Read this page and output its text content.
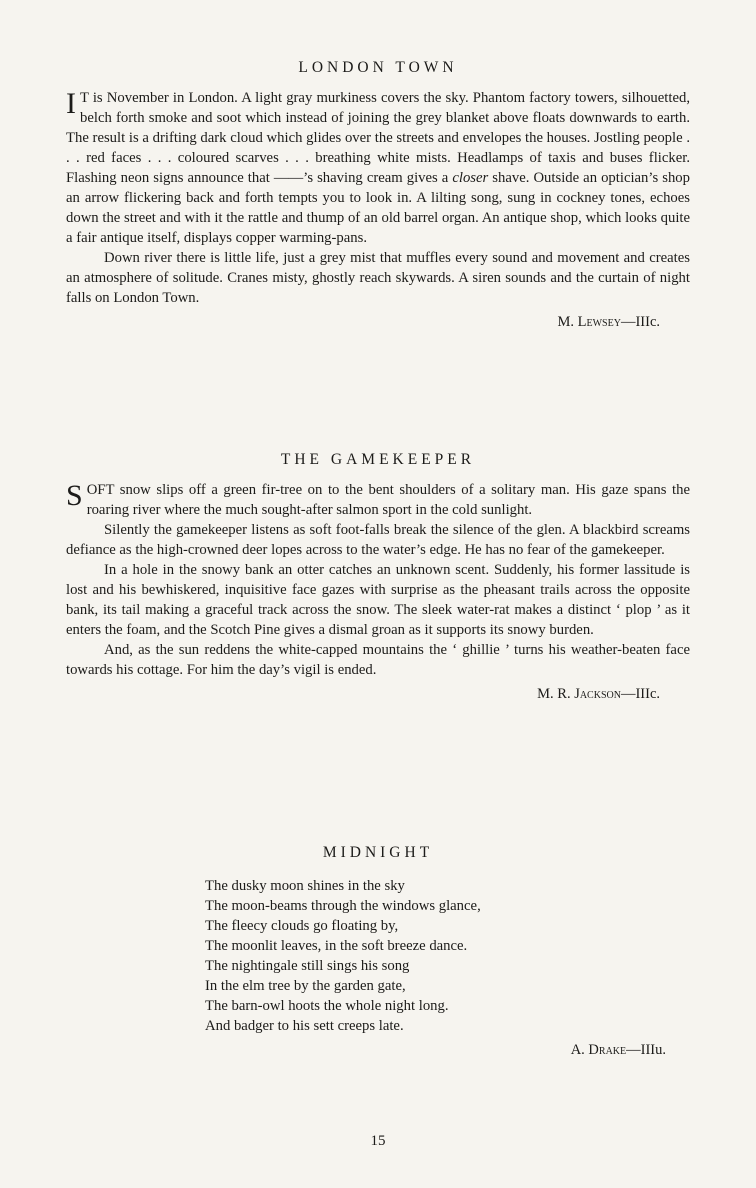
LONDON TOWN

I T is November in London. A light gray murkiness covers the sky. Phantom factory towers, silhouetted, belch forth smoke and soot which instead of joining the grey blanket above floats downwards to earth. The result is a drifting dark cloud which glides over the streets and envelopes the houses. Jostling people . . . red faces . . . coloured scarves . . . breathing white mists. Headlamps of taxis and buses flicker. Flashing neon signs announce that ——’s shaving cream gives a closer shave. Outside an optician’s shop an arrow flickering back and forth tempts you to look in. A lilting song, sung in cockney tones, echoes down the street and with it the rattle and thump of an old barrel organ. An antique shop, which looks quite a fair antique itself, displays copper warming-pans.

Down river there is little life, just a grey mist that muffles every sound and movement and creates an atmosphere of solitude. Cranes misty, ghostly reach skywards. A siren sounds and the curtain of night falls on London Town.

M. Lewsey—IIIc.
THE GAMEKEEPER

SOFT snow slips off a green fir-tree on to the bent shoulders of a solitary man. His gaze spans the roaring river where the much sought-after salmon sport in the cold sunlight.

Silently the gamekeeper listens as soft foot-falls break the silence of the glen. A blackbird screams defiance as the high-crowned deer lopes across to the water’s edge. He has no fear of the gamekeeper.

In a hole in the snowy bank an otter catches an unknown scent. Suddenly, his former lassitude is lost and his bewhiskered, inquisitive face gazes with surprise as the pheasant trails across the opposite bank, its tail making a graceful track across the snow. The sleek water-rat makes a distinct ‘ plop ’ as it enters the foam, and the Scotch Pine gives a dismal groan as it supports its snowy burden.

And, as the sun reddens the white-capped mountains the ‘ ghillie ’ turns his weather-beaten face towards his cottage. For him the day’s vigil is ended.

M. R. Jackson—IIIc.
MIDNIGHT
The dusky moon shines in the sky
The moon-beams through the windows glance,
The fleecy clouds go floating by,
The moonlit leaves, in the soft breeze dance.
The nightingale still sings his song
In the elm tree by the garden gate,
The barn-owl hoots the whole night long.
And badger to his sett creeps late.
A. Drake—IIIu.
15
